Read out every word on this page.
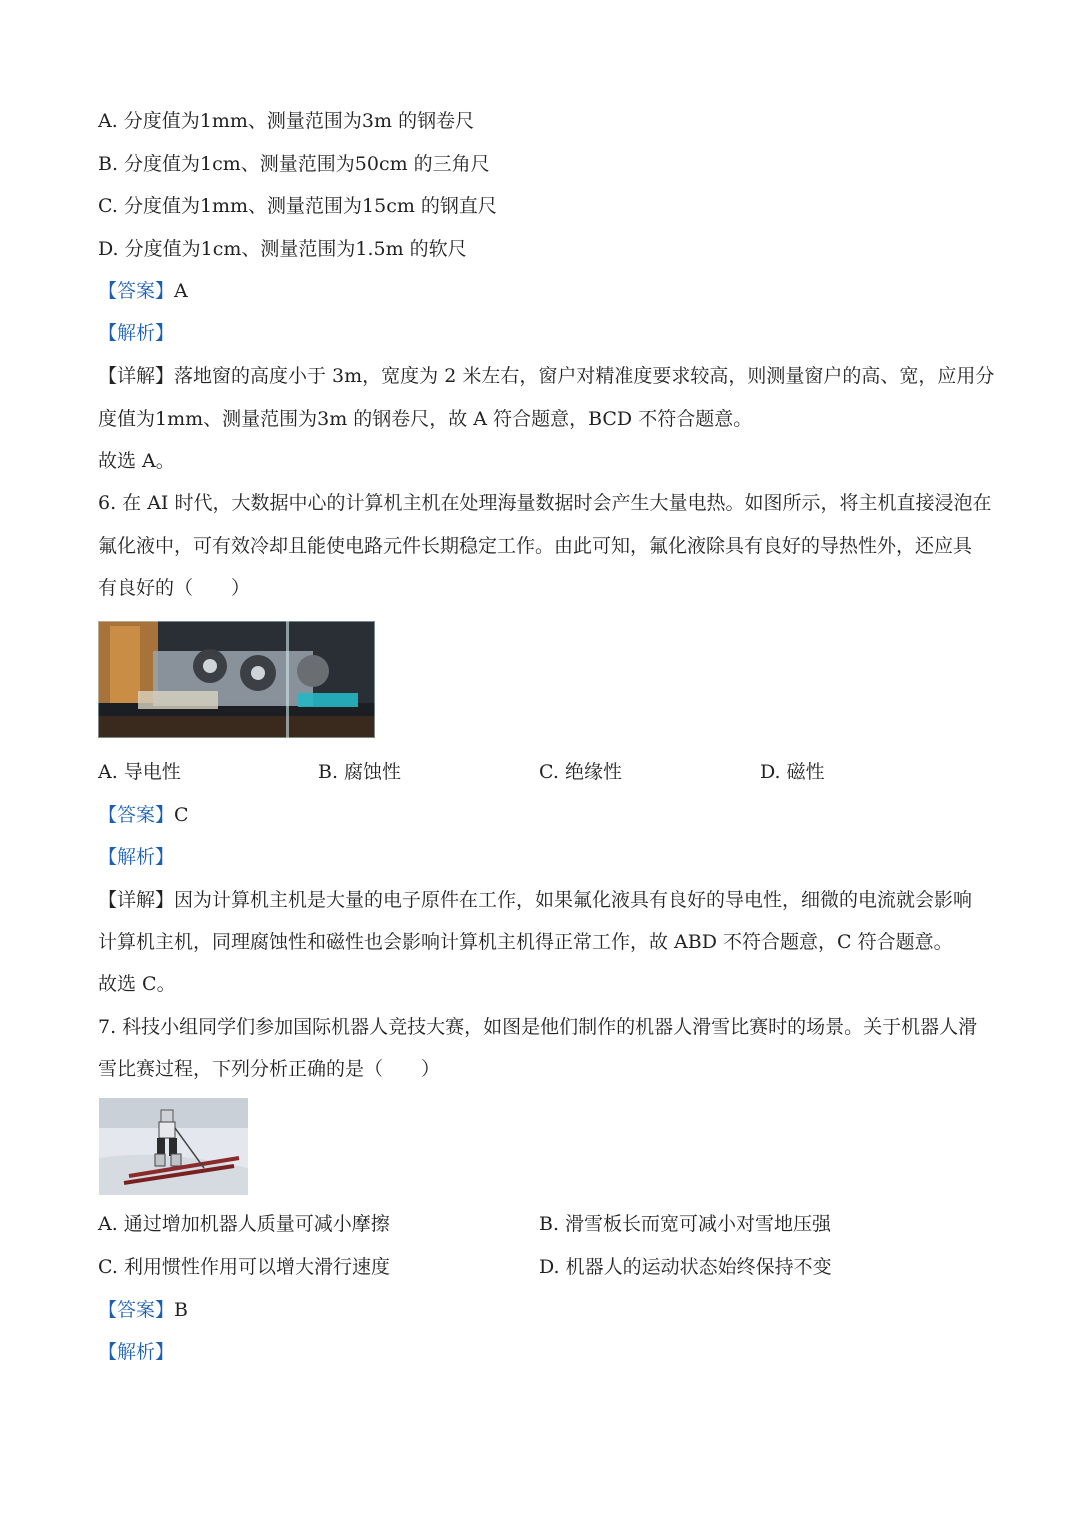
A. 分度值为1mm、测量范围为3m 的钢卷尺
B. 分度值为1cm、测量范围为50cm 的三角尺
C. 分度值为1mm、测量范围为15cm 的钢直尺
D. 分度值为1cm、测量范围为1.5m 的软尺
【答案】A
【解析】
【详解】落地窗的高度小于 3m，宽度为 2 米左右，窗户对精准度要求较高，则测量窗户的高、宽，应用分
度值为1mm、测量范围为3m 的钢卷尺，故 A 符合题意，BCD 不符合题意。
故选 A。
6. 在 AI 时代，大数据中心的计算机主机在处理海量数据时会产生大量电热。如图所示，将主机直接浸泡在
氟化液中，可有效冷却且能使电路元件长期稳定工作。由此可知，氟化液除具有良好的导热性外，还应具
有良好的（　　）
A. 导电性	B. 腐蚀性	C. 绝缘性	D. 磁性
【答案】C
【解析】
【详解】因为计算机主机是大量的电子原件在工作，如果氟化液具有良好的导电性，细微的电流就会影响
计算机主机，同理腐蚀性和磁性也会影响计算机主机得正常工作，故 ABD 不符合题意，C 符合题意。
故选 C。
7. 科技小组同学们参加国际机器人竞技大赛，如图是他们制作的机器人滑雪比赛时的场景。关于机器人滑
雪比赛过程，下列分析正确的是（　　）
A. 通过增加机器人质量可减小摩擦	B. 滑雪板长而宽可减小对雪地压强
C. 利用惯性作用可以增大滑行速度	D. 机器人的运动状态始终保持不变
【答案】B
【解析】
